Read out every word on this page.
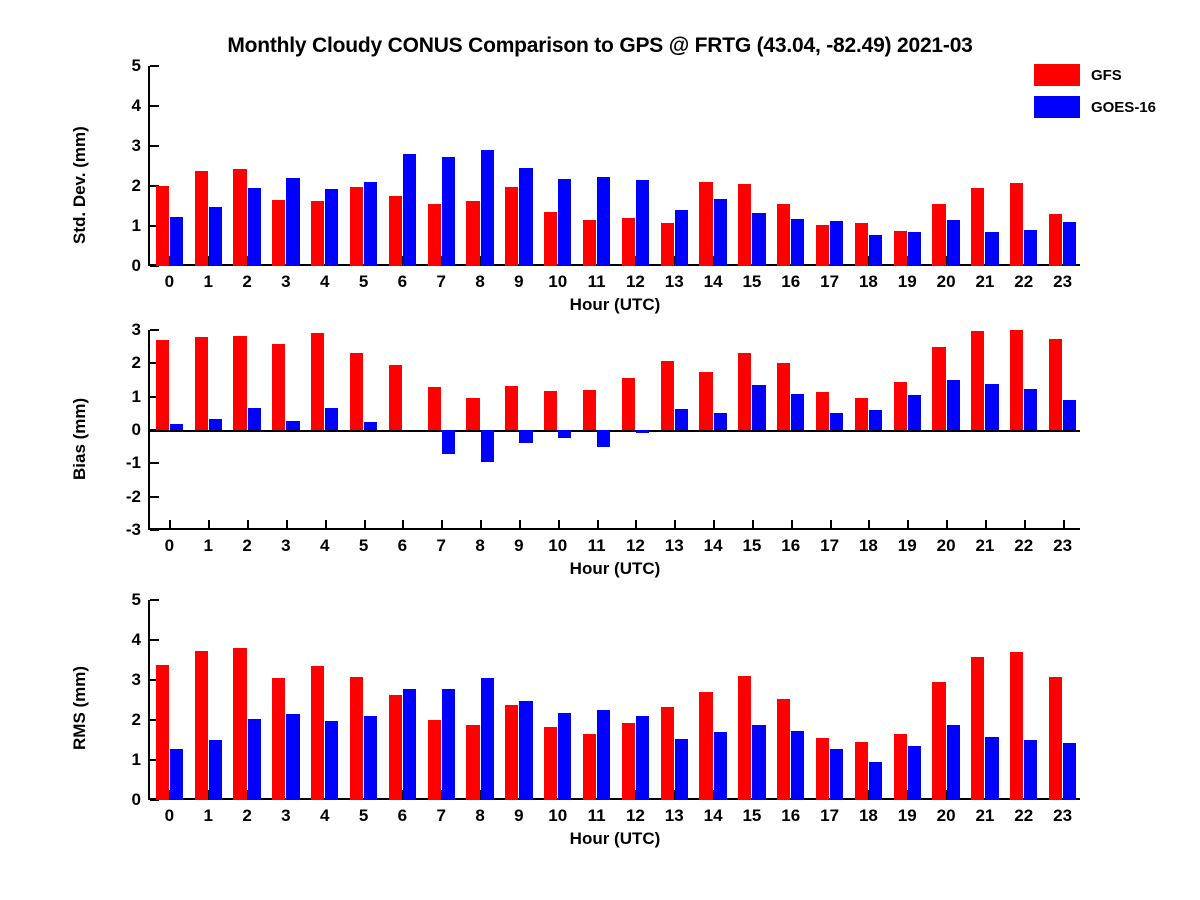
Monthly Cloudy CONUS Comparison to GPS @ FRTG (43.04, -82.49) 2021-03
GFS
GOES-16
0
1
2
3
4
5
0 1 2 3 4 5 6 7 8 9 10 11 12 13 14 15 16 17 18 19 20 21 22 23
Hour (UTC)
Std. Dev. (mm)
-3
-2
-1
0
1
2
3
0 1 2 3 4 5 6 7 8 9 10 11 12 13 14 15 16 17 18 19 20 21 22 23
Hour (UTC)
Bias (mm)
0
1
2
3
4
5
0 1 2 3 4 5 6 7 8 9 10 11 12 13 14 15 16 17 18 19 20 21 22 23
Hour (UTC)
RMS (mm)
